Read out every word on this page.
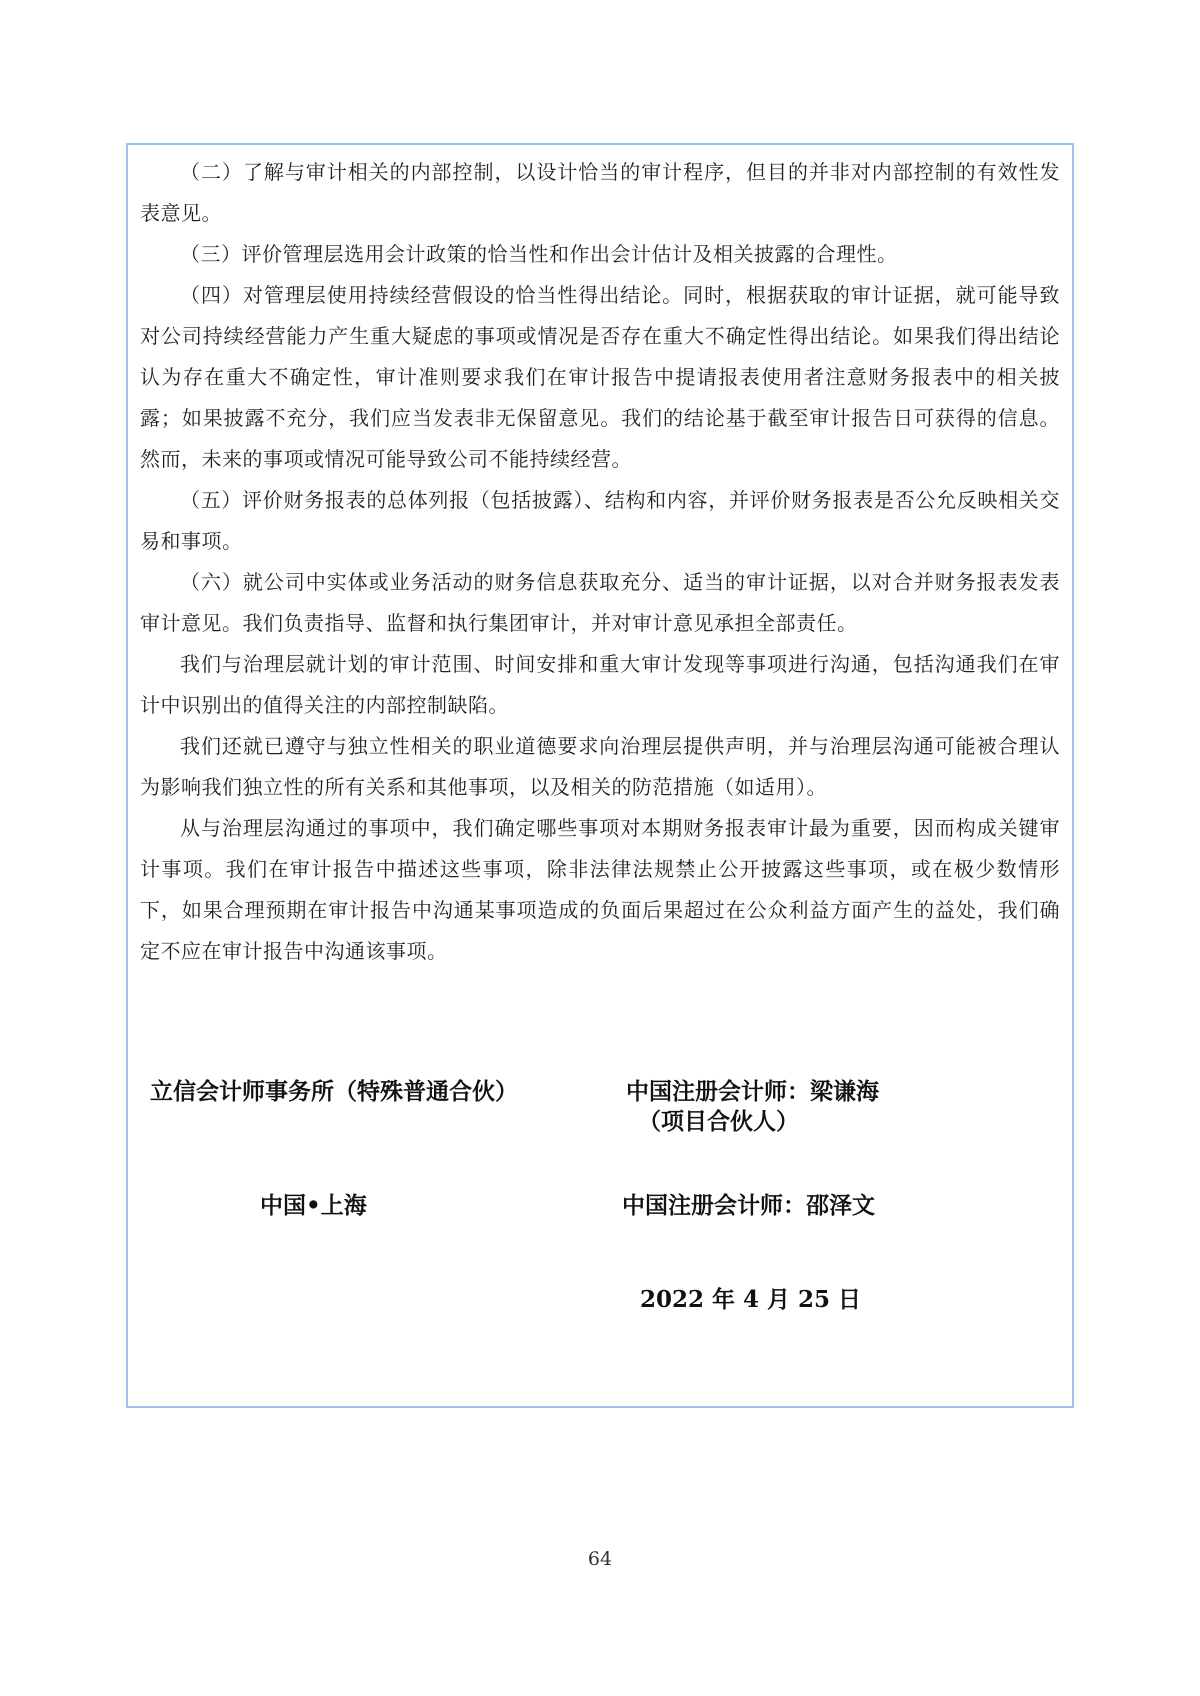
（二）了解与审计相关的内部控制，以设计恰当的审计程序，但目的并非对内部控制的有效性发表意见。

（三）评价管理层选用会计政策的恰当性和作出会计估计及相关披露的合理性。

（四）对管理层使用持续经营假设的恰当性得出结论。同时，根据获取的审计证据，就可能导致对公司持续经营能力产生重大疑虑的事项或情况是否存在重大不确定性得出结论。如果我们得出结论认为存在重大不确定性，审计准则要求我们在审计报告中提请报表使用者注意财务报表中的相关披露；如果披露不充分，我们应当发表非无保留意见。我们的结论基于截至审计报告日可获得的信息。然而，未来的事项或情况可能导致公司不能持续经营。

（五）评价财务报表的总体列报（包括披露）、结构和内容，并评价财务报表是否公允反映相关交易和事项。

（六）就公司中实体或业务活动的财务信息获取充分、适当的审计证据，以对合并财务报表发表审计意见。我们负责指导、监督和执行集团审计，并对审计意见承担全部责任。

我们与治理层就计划的审计范围、时间安排和重大审计发现等事项进行沟通，包括沟通我们在审计中识别出的值得关注的内部控制缺陷。

我们还就已遵守与独立性相关的职业道德要求向治理层提供声明，并与治理层沟通可能被合理认为影响我们独立性的所有关系和其他事项，以及相关的防范措施（如适用）。

从与治理层沟通过的事项中，我们确定哪些事项对本期财务报表审计最为重要，因而构成关键审计事项。我们在审计报告中描述这些事项，除非法律法规禁止公开披露这些事项，或在极少数情形下，如果合理预期在审计报告中沟通某事项造成的负面后果超过在公众利益方面产生的益处，我们确定不应在审计报告中沟通该事项。

立信会计师事务所（特殊普通合伙）	中国注册会计师：梁谦海
（项目合伙人）
中国•上海	中国注册会计师：邵泽文
2022 年 4 月 25 日
64
